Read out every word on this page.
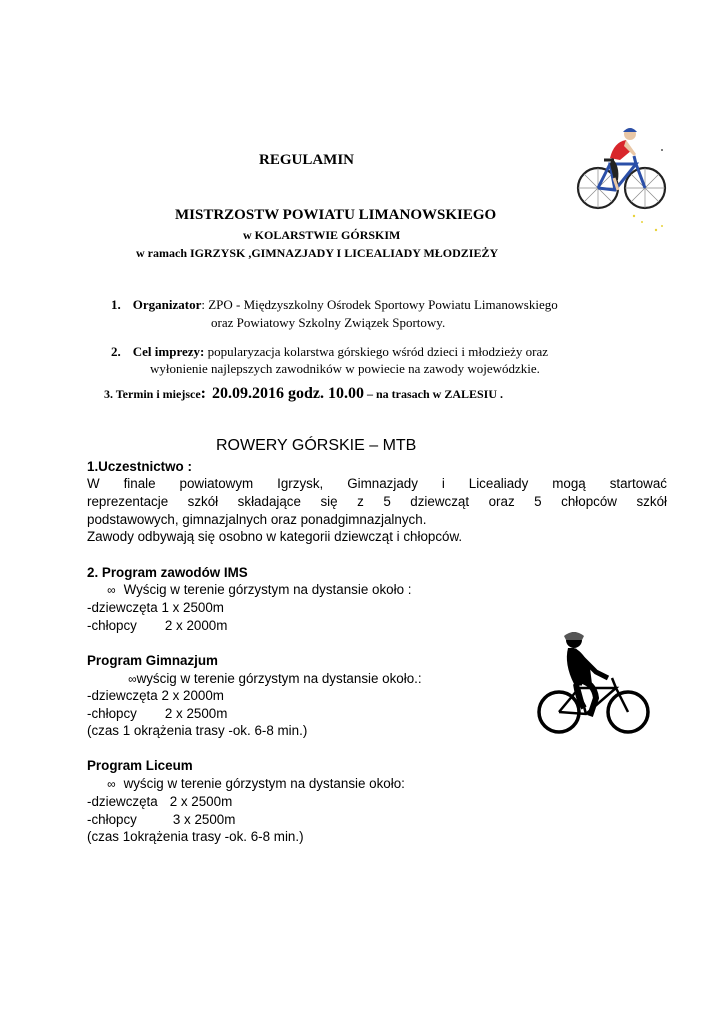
REGULAMIN
MISTRZOSTW POWIATU LIMANOWSKIEGO
w KOLARSTWIE GÓRSKIM
w ramach IGRZYSK ,GIMNAZJADY I LICEALIADY MŁODZIEŻY
1. Organizator: ZPO - Międzyszkolny Ośrodek Sportowy Powiatu Limanowskiego
oraz Powiatowy Szkolny Związek Sportowy.
2. Cel imprezy: popularyzacja kolarstwa górskiego wśród dzieci i młodzieży oraz
wyłonienie najlepszych zawodników w powiecie na zawody wojewódzkie.
3. Termin i miejsce: 20.09.2016 godz. 10.00 – na trasach w ZALESIU .
ROWERY GÓRSKIE – MTB
1.Uczestnictwo :
W finale powiatowym Igrzysk, Gimnazjady i Licealiady mogą startować
reprezentacje szkół składające się z 5 dziewcząt oraz 5 chłopców szkół
podstawowych, gimnazjalnych oraz ponadgimnazjalnych.
Zawody odbywają się osobno w kategorii dziewcząt i chłopców.
2. Program zawodów IMS
∞ Wyścig w terenie górzystym na dystansie około :
-dziewczęta 1 x 2500m
-chłopcy 2 x 2000m
Program Gimnazjum
∞wyścig w terenie górzystym na dystansie około.:
-dziewczęta 2 x 2000m
-chłopcy 2 x 2500m
(czas 1 okrążenia trasy -ok. 6-8 min.)
Program Liceum
∞ wyścig w terenie górzystym na dystansie około:
-dziewczęta 2 x 2500m
-chłopcy	3 x 2500m
(czas 1okrążenia trasy -ok. 6-8 min.)
